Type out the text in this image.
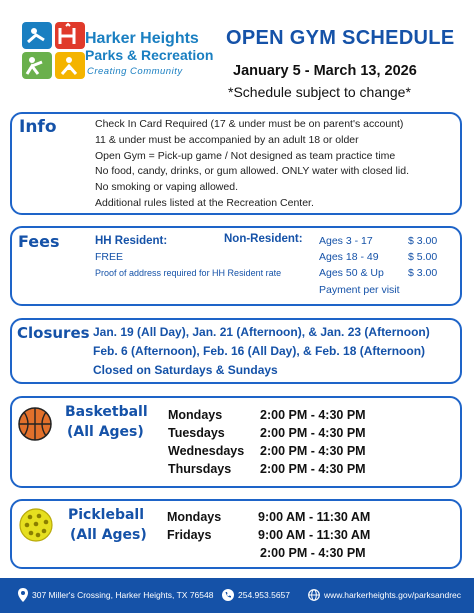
Harker Heights
Parks & Recreation
Creating Community
OPEN GYM SCHEDULE
January 5 - March 13, 2026
*Schedule subject to change*
Info	Check In Card Required (17 & under must be on parent's account)
11 & under must be accompanied by an adult 18 or older
Open Gym = Pick-up game / Not designed as team practice time
No food, candy, drinks, or gum allowed. ONLY water with closed lid.
No smoking or vaping allowed.
Additional rules listed at the Recreation Center.
Fees	HH Resident:
FREE
Proof of address required for HH Resident rate
Non-Resident: Ages 3 - 17	$ 3.00
Ages 18 - 49	$ 5.00
Ages 50 & Up $ 3.00
Payment per visit
Closures Jan. 19 (All Day), Jan. 21 (Afternoon), & Jan. 23 (Afternoon)
Feb. 6 (Afternoon), Feb. 16 (All Day), & Feb. 18 (Afternoon)
Closed on Saturdays & Sundays
Basketball
(All Ages)
Mondays	2:00 PM - 4:30 PM
Tuesdays	2:00 PM - 4:30 PM
Wednesdays 2:00 PM - 4:30 PM
Thursdays 2:00 PM - 4:30 PM
Pickleball
(All Ages)
Mondays	9:00 AM - 11:30 AM
Fridays	9:00 AM - 11:30 AM
2:00 PM - 4:30 PM
307 Miller's Crossing, Harker Heights, TX 76548	254.953.5657	www.harkerheights.gov/parksandrec
